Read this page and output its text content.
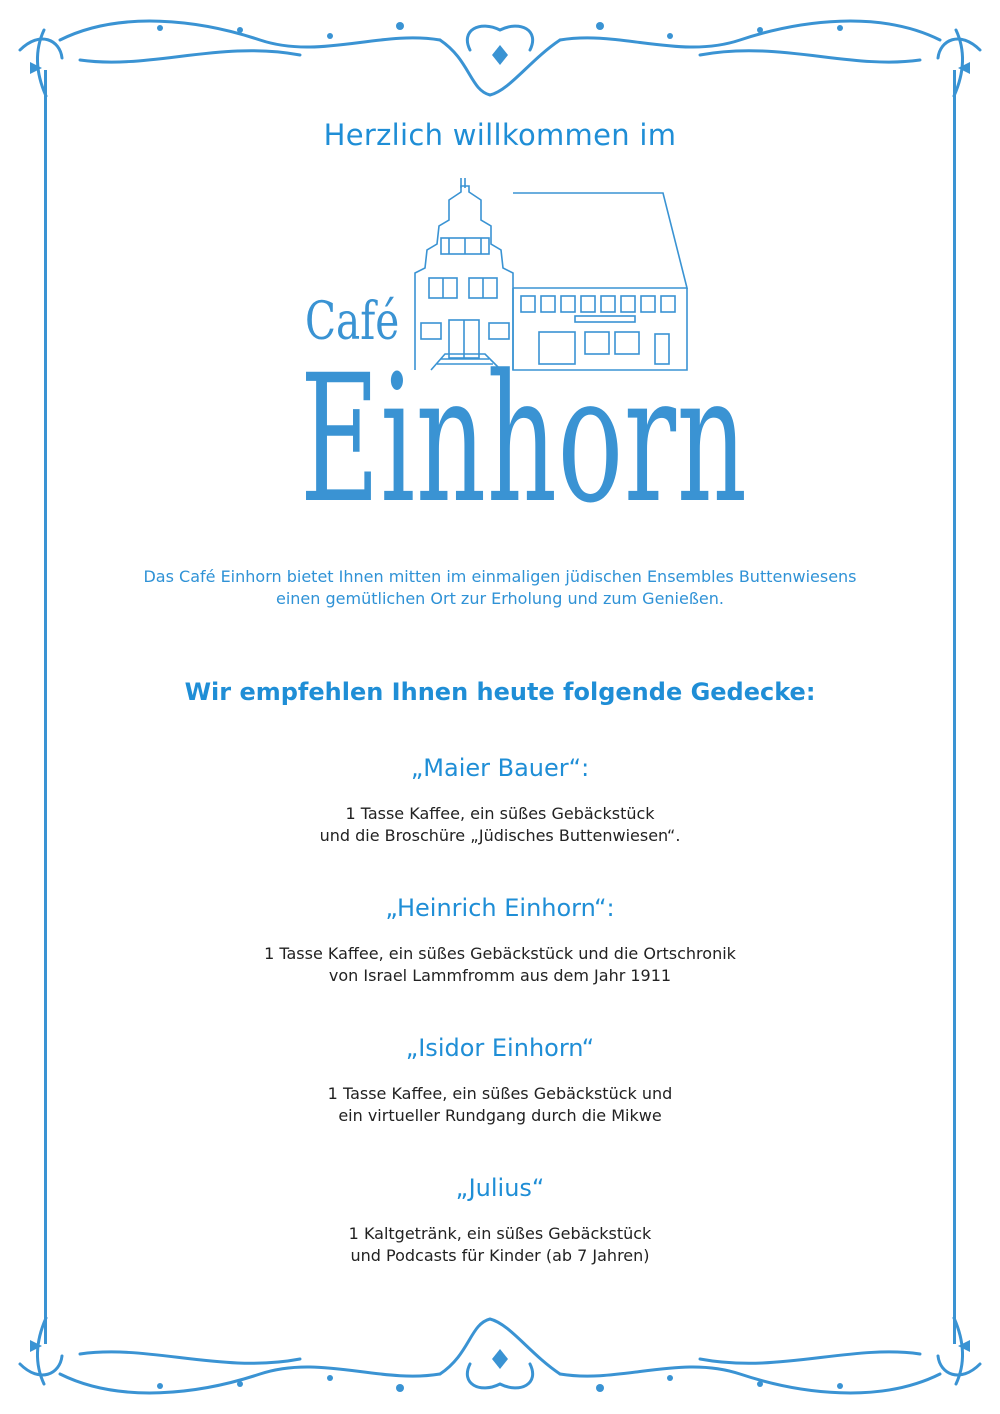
Herzlich willkommen im
Café
Einhorn
Das Café Einhorn bietet Ihnen mitten im einmaligen jüdischen Ensembles Buttenwiesens
einen gemütlichen Ort zur Erholung und zum Genießen.
Wir empfehlen Ihnen heute folgende Gedecke:
„Maier Bauer“:
1 Tasse Kaffee, ein süßes Gebäckstück
und die Broschüre „Jüdisches Buttenwiesen“.
„Heinrich Einhorn“:
1 Tasse Kaffee, ein süßes Gebäckstück und die Ortschronik
von Israel Lammfromm aus dem Jahr 1911
„Isidor Einhorn“
1 Tasse Kaffee, ein süßes Gebäckstück und
ein virtueller Rundgang durch die Mikwe
„Julius“
1 Kaltgetränk, ein süßes Gebäckstück
und Podcasts für Kinder (ab 7 Jahren)
